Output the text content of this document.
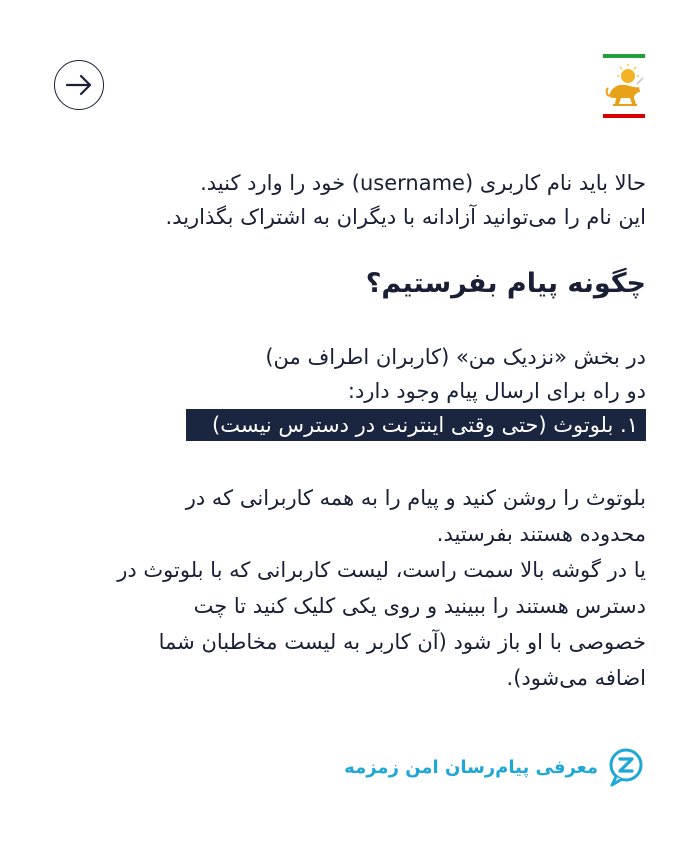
حالا باید نام کاربری (username) خود را وارد کنید.
این نام را می‌توانید آزادانه با دیگران به اشتراک بگذارید.
چگونه پیام بفرستیم؟
در بخش «نزدیک من» (کاربران اطراف من)
دو راه برای ارسال پیام وجود دارد:
۱. بلوتوث (حتی وقتی اینترنت در دسترس نیست)
بلوتوث را روشن کنید و پیام را به همه کاربرانی که در
محدوده هستند بفرستید.
یا در گوشه بالا سمت راست، لیست کاربرانی که با بلوتوث در
دسترس هستند را ببینید و روی یکی کلیک کنید تا چت
خصوصی با او باز شود (آن کاربر به لیست مخاطبان شما
اضافه می‌شود).
معرفی پیام‌رسان امن زمزمه
